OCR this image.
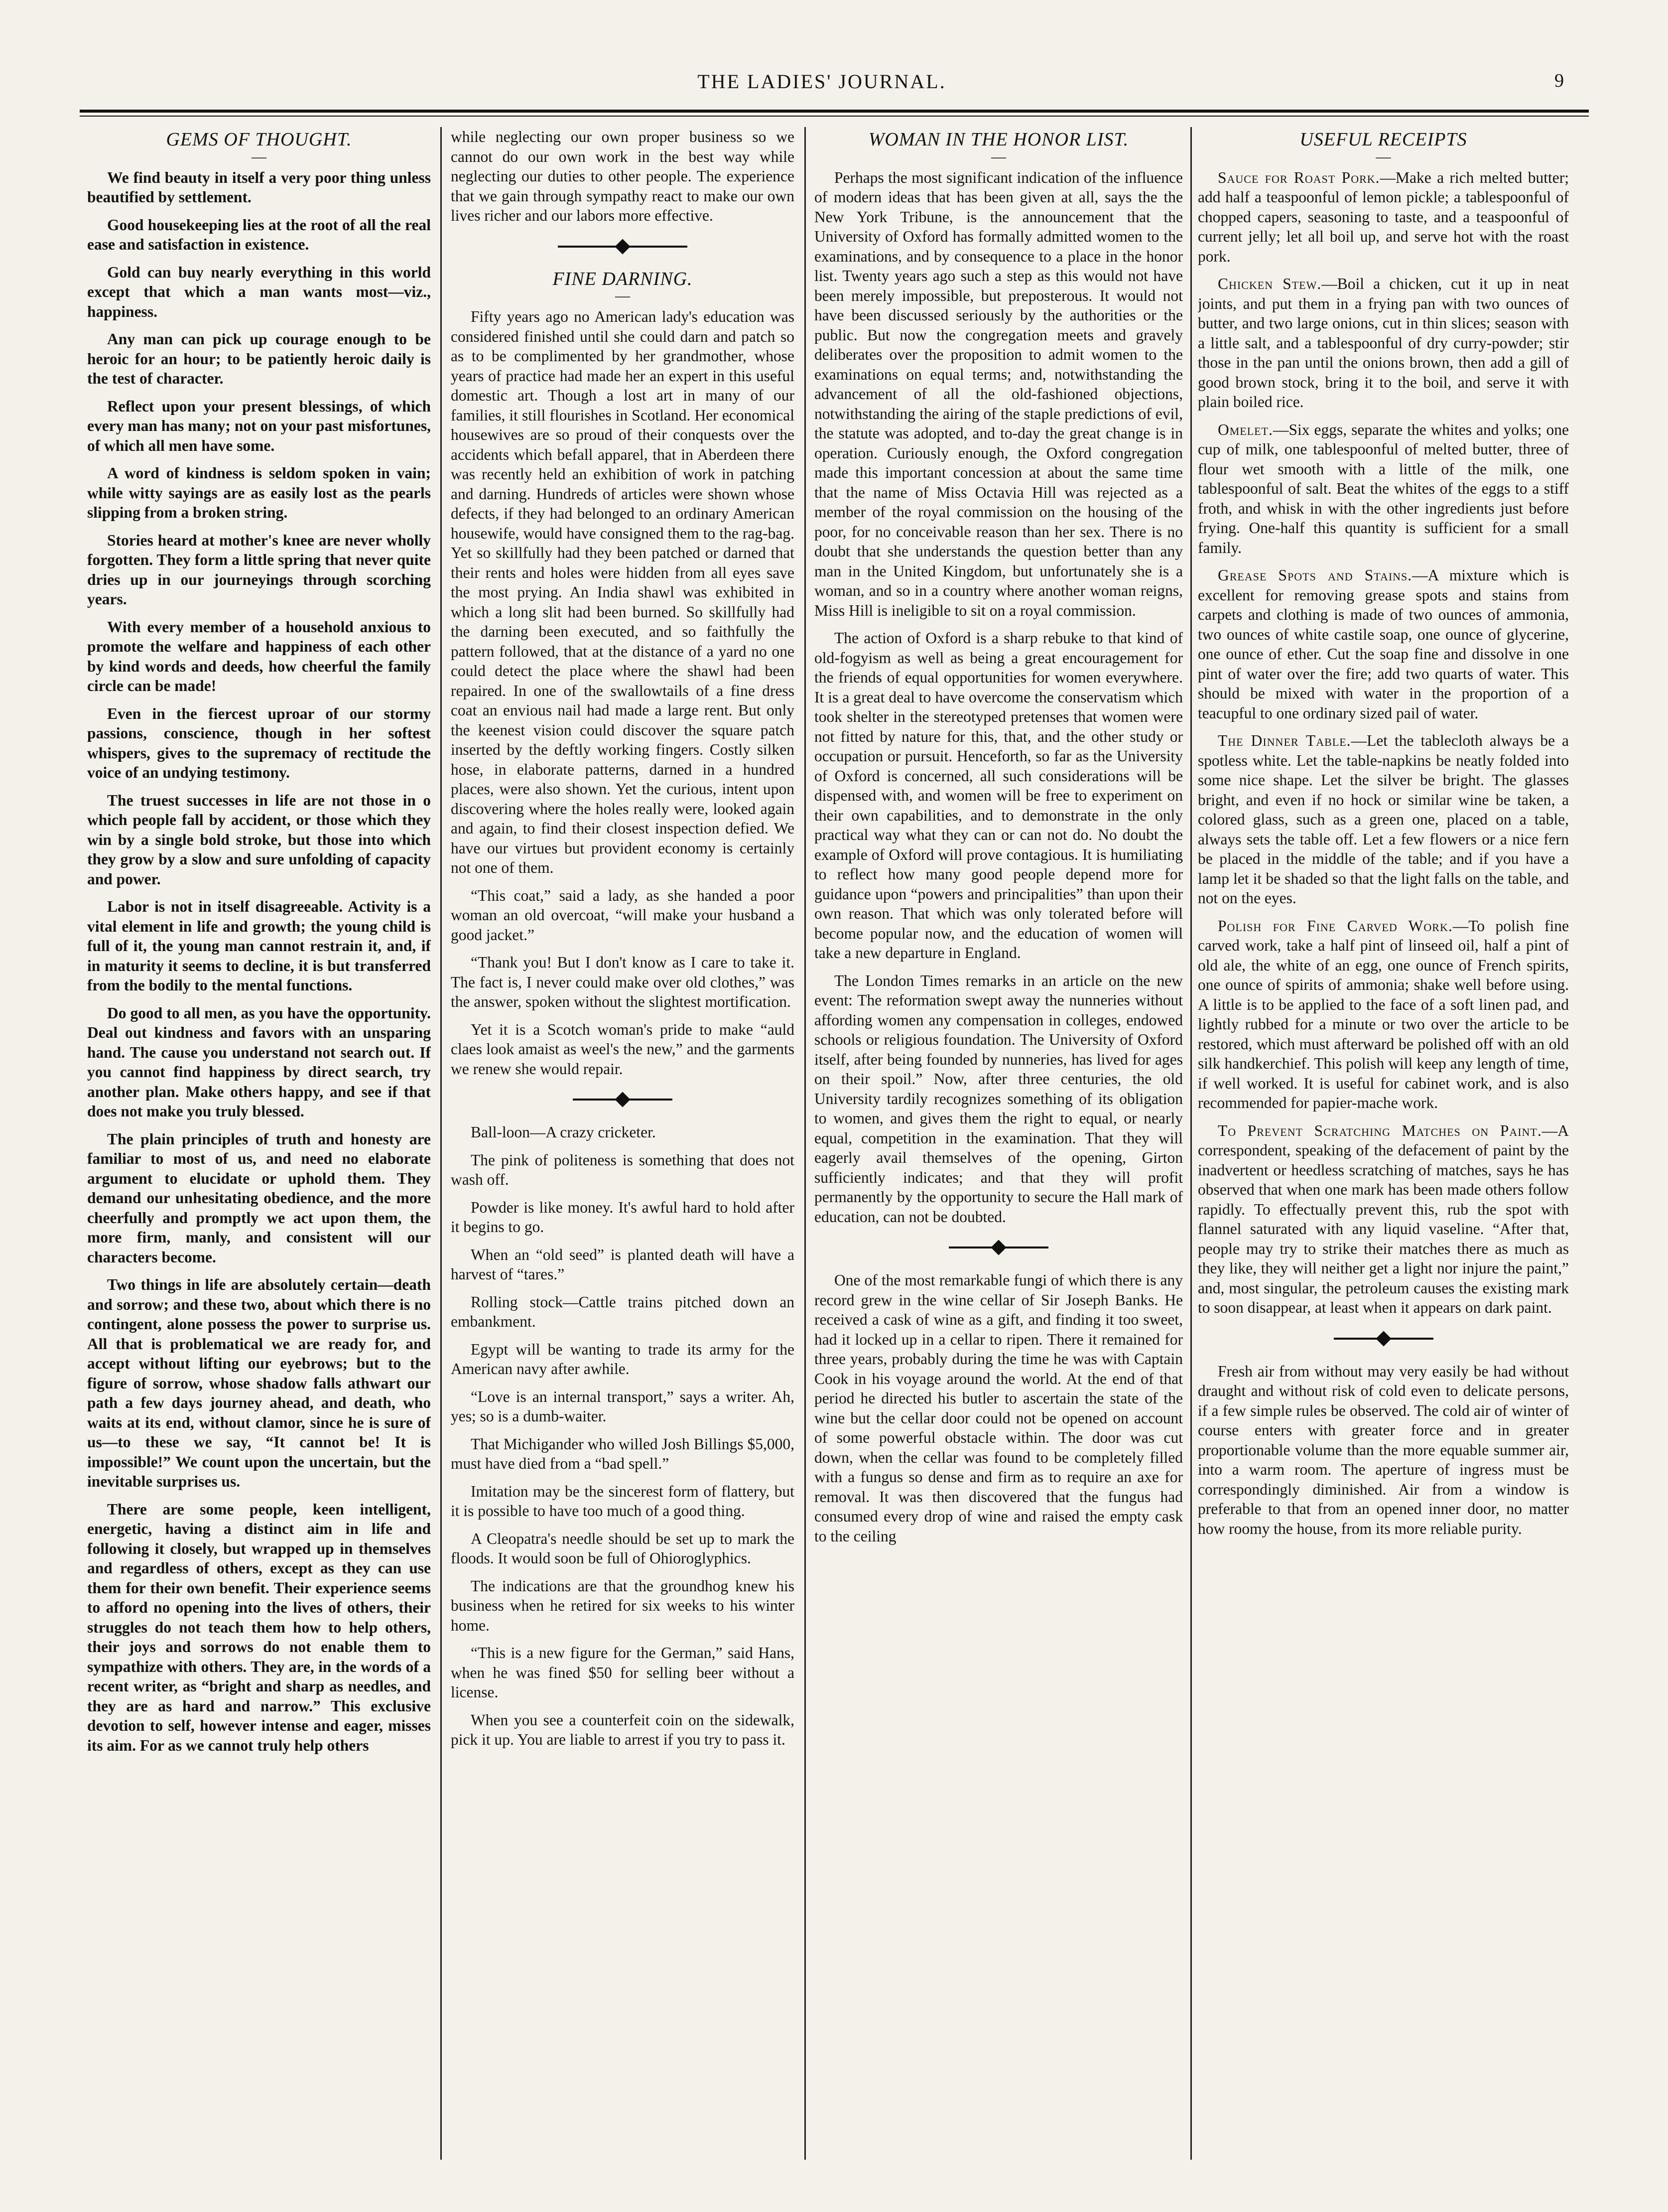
THE LADIES' JOURNAL.	9
GEMS OF THOUGHT.
—

We find beauty in itself a very poor thing unless beautified by settlement.

Good housekeeping lies at the root of all the real ease and satisfaction in existence.

Gold can buy nearly everything in this world except that which a man wants most—viz., happiness.

Any man can pick up courage enough to be heroic for an hour; to be patiently heroic daily is the test of character.

Reflect upon your present blessings, of which every man has many; not on your past misfortunes, of which all men have some.

A word of kindness is seldom spoken in vain; while witty sayings are as easily lost as the pearls slipping from a broken string.

Stories heard at mother's knee are never wholly forgotten. They form a little spring that never quite dries up in our journeyings through scorching years.

With every member of a household anxious to promote the welfare and happiness of each other by kind words and deeds, how cheerful the family circle can be made!

Even in the fiercest uproar of our stormy passions, conscience, though in her softest whispers, gives to the supremacy of rectitude the voice of an undying testimony.

The truest successes in life are not those in o which people fall by accident, or those which they win by a single bold stroke, but those into which they grow by a slow and sure unfolding of capacity and power.

Labor is not in itself disagreeable. Activity is a vital element in life and growth; the young child is full of it, the young man cannot restrain it, and, if in maturity it seems to decline, it is but transferred from the bodily to the mental functions.

Do good to all men, as you have the opportunity. Deal out kindness and favors with an unsparing hand. The cause you understand not search out. If you cannot find happiness by direct search, try another plan. Make others happy, and see if that does not make you truly blessed.

The plain principles of truth and honesty are familiar to most of us, and need no elaborate argument to elucidate or uphold them. They demand our unhesitating obedience, and the more cheerfully and promptly we act upon them, the more firm, manly, and consistent will our characters become.

Two things in life are absolutely certain—death and sorrow; and these two, about which there is no contingent, alone possess the power to surprise us. All that is problematical we are ready for, and accept without lifting our eyebrows; but to the figure of sorrow, whose shadow falls athwart our path a few days journey ahead, and death, who waits at its end, without clamor, since he is sure of us—to these we say, “It cannot be! It is impossible!” We count upon the uncertain, but the inevitable surprises us.

There are some people, keen intelligent, energetic, having a distinct aim in life and following it closely, but wrapped up in themselves and regardless of others, except as they can use them for their own benefit. Their experience seems to afford no opening into the lives of others, their struggles do not teach them how to help others, their joys and sorrows do not enable them to sympathize with others. They are, in the words of a recent writer, as “bright and sharp as needles, and they are as hard and narrow.” This exclusive devotion to self, however intense and eager, misses its aim. For as we cannot truly help others

while neglecting our own proper business so we cannot do our own work in the best way while neglecting our duties to other people. The experience that we gain through sympathy react to make our own lives richer and our labors more effective.

FINE DARNING.
—

Fifty years ago no American lady's education was considered finished until she could darn and patch so as to be complimented by her grandmother, whose years of practice had made her an expert in this useful domestic art. Though a lost art in many of our families, it still flourishes in Scotland. Her economical housewives are so proud of their conquests over the accidents which befall apparel, that in Aberdeen there was recently held an exhibition of work in patching and darning. Hundreds of articles were shown whose defects, if they had belonged to an ordinary American housewife, would have consigned them to the rag-bag. Yet so skillfully had they been patched or darned that their rents and holes were hidden from all eyes save the most prying. An India shawl was exhibited in which a long slit had been burned. So skillfully had the darning been executed, and so faithfully the pattern followed, that at the distance of a yard no one could detect the place where the shawl had been repaired. In one of the swallowtails of a fine dress coat an envious nail had made a large rent. But only the keenest vision could discover the square patch inserted by the deftly working fingers. Costly silken hose, in elaborate patterns, darned in a hundred places, were also shown. Yet the curious, intent upon discovering where the holes really were, looked again and again, to find their closest inspection defied. We have our virtues but provident economy is certainly not one of them.

“This coat,” said a lady, as she handed a poor woman an old overcoat, “will make your husband a good jacket.”

“Thank you! But I don't know as I care to take it. The fact is, I never could make over old clothes,” was the answer, spoken without the slightest mortification.

Yet it is a Scotch woman's pride to make “auld claes look amaist as weel's the new,” and the garments we renew she would repair.

Ball-loon—A crazy cricketer.

The pink of politeness is something that does not wash off.

Powder is like money. It's awful hard to hold after it begins to go.

When an “old seed” is planted death will have a harvest of “tares.”

Rolling stock—Cattle trains pitched down an embankment.

Egypt will be wanting to trade its army for the American navy after awhile.

“Love is an internal transport,” says a writer. Ah, yes; so is a dumb-waiter.

That Michigander who willed Josh Billings $5,000, must have died from a “bad spell.”

Imitation may be the sincerest form of flattery, but it is possible to have too much of a good thing.

A Cleopatra's needle should be set up to mark the floods. It would soon be full of Ohioroglyphics.

The indications are that the groundhog knew his business when he retired for six weeks to his winter home.

“This is a new figure for the German,” said Hans, when he was fined $50 for selling beer without a license.

When you see a counterfeit coin on the sidewalk, pick it up. You are liable to arrest if you try to pass it.

WOMAN IN THE HONOR LIST.
—

Perhaps the most significant indication of the influence of modern ideas that has been given at all, says the the New York Tribune, is the announcement that the University of Oxford has formally admitted women to the examinations, and by consequence to a place in the honor list. Twenty years ago such a step as this would not have been merely impossible, but preposterous. It would not have been discussed seriously by the authorities or the public. But now the congregation meets and gravely deliberates over the proposition to admit women to the examinations on equal terms; and, notwithstanding the advancement of all the old-fashioned objections, notwithstanding the airing of the staple predictions of evil, the statute was adopted, and to-day the great change is in operation. Curiously enough, the Oxford congregation made this important concession at about the same time that the name of Miss Octavia Hill was rejected as a member of the royal commission on the housing of the poor, for no conceivable reason than her sex. There is no doubt that she understands the question better than any man in the United Kingdom, but unfortunately she is a woman, and so in a country where another woman reigns, Miss Hill is ineligible to sit on a royal commission.

The action of Oxford is a sharp rebuke to that kind of old-fogyism as well as being a great encouragement for the friends of equal opportunities for women everywhere. It is a great deal to have overcome the conservatism which took shelter in the stereotyped pretenses that women were not fitted by nature for this, that, and the other study or occupation or pursuit. Henceforth, so far as the University of Oxford is concerned, all such considerations will be dispensed with, and women will be free to experiment on their own capabilities, and to demonstrate in the only practical way what they can or can not do. No doubt the example of Oxford will prove contagious. It is humiliating to reflect how many good people depend more for guidance upon “powers and principalities” than upon their own reason. That which was only tolerated before will become popular now, and the education of women will take a new departure in England.

The London Times remarks in an article on the new event: The reformation swept away the nunneries without affording women any compensation in colleges, endowed schools or religious foundation. The University of Oxford itself, after being founded by nunneries, has lived for ages on their spoil.” Now, after three centuries, the old University tardily recognizes something of its obligation to women, and gives them the right to equal, or nearly equal, competition in the examination. That they will eagerly avail themselves of the opening, Girton sufficiently indicates; and that they will profit permanently by the opportunity to secure the Hall mark of education, can not be doubted.

One of the most remarkable fungi of which there is any record grew in the wine cellar of Sir Joseph Banks. He received a cask of wine as a gift, and finding it too sweet, had it locked up in a cellar to ripen. There it remained for three years, probably during the time he was with Captain Cook in his voyage around the world. At the end of that period he directed his butler to ascertain the state of the wine but the cellar door could not be opened on account of some powerful obstacle within. The door was cut down, when the cellar was found to be completely filled with a fungus so dense and firm as to require an axe for removal. It was then discovered that the fungus had consumed every drop of wine and raised the empty cask to the ceiling

USEFUL RECEIPTS
—

Sauce for Roast Pork.—Make a rich melted butter; add half a teaspoonful of lemon pickle; a tablespoonful of chopped capers, seasoning to taste, and a teaspoonful of current jelly; let all boil up, and serve hot with the roast pork.

Chicken Stew.—Boil a chicken, cut it up in neat joints, and put them in a frying pan with two ounces of butter, and two large onions, cut in thin slices; season with a little salt, and a tablespoonful of dry curry-powder; stir those in the pan until the onions brown, then add a gill of good brown stock, bring it to the boil, and serve it with plain boiled rice.

Omelet.—Six eggs, separate the whites and yolks; one cup of milk, one tablespoonful of melted butter, three of flour wet smooth with a little of the milk, one tablespoonful of salt. Beat the whites of the eggs to a stiff froth, and whisk in with the other ingredients just before frying. One-half this quantity is sufficient for a small family.

Grease Spots and Stains.—A mixture which is excellent for removing grease spots and stains from carpets and clothing is made of two ounces of ammonia, two ounces of white castile soap, one ounce of glycerine, one ounce of ether. Cut the soap fine and dissolve in one pint of water over the fire; add two quarts of water. This should be mixed with water in the proportion of a teacupful to one ordinary sized pail of water.

The Dinner Table.—Let the tablecloth always be a spotless white. Let the table-napkins be neatly folded into some nice shape. Let the silver be bright. The glasses bright, and even if no hock or similar wine be taken, a colored glass, such as a green one, placed on a table, always sets the table off. Let a few flowers or a nice fern be placed in the middle of the table; and if you have a lamp let it be shaded so that the light falls on the table, and not on the eyes.

Polish for Fine Carved Work.—To polish fine carved work, take a half pint of linseed oil, half a pint of old ale, the white of an egg, one ounce of French spirits, one ounce of spirits of ammonia; shake well before using. A little is to be applied to the face of a soft linen pad, and lightly rubbed for a minute or two over the article to be restored, which must afterward be polished off with an old silk handkerchief. This polish will keep any length of time, if well worked. It is useful for cabinet work, and is also recommended for papier-mache work.

To Prevent Scratching Matches on Paint.—A correspondent, speaking of the defacement of paint by the inadvertent or heedless scratching of matches, says he has observed that when one mark has been made others follow rapidly. To effectually prevent this, rub the spot with flannel saturated with any liquid vaseline. “After that, people may try to strike their matches there as much as they like, they will neither get a light nor injure the paint,” and, most singular, the petroleum causes the existing mark to soon disappear, at least when it appears on dark paint.

Fresh air from without may very easily be had without draught and without risk of cold even to delicate persons, if a few simple rules be observed. The cold air of winter of course enters with greater force and in greater proportionable volume than the more equable summer air, into a warm room. The aperture of ingress must be correspondingly diminished. Air from a window is preferable to that from an opened inner door, no matter how roomy the house, from its more reliable purity.
